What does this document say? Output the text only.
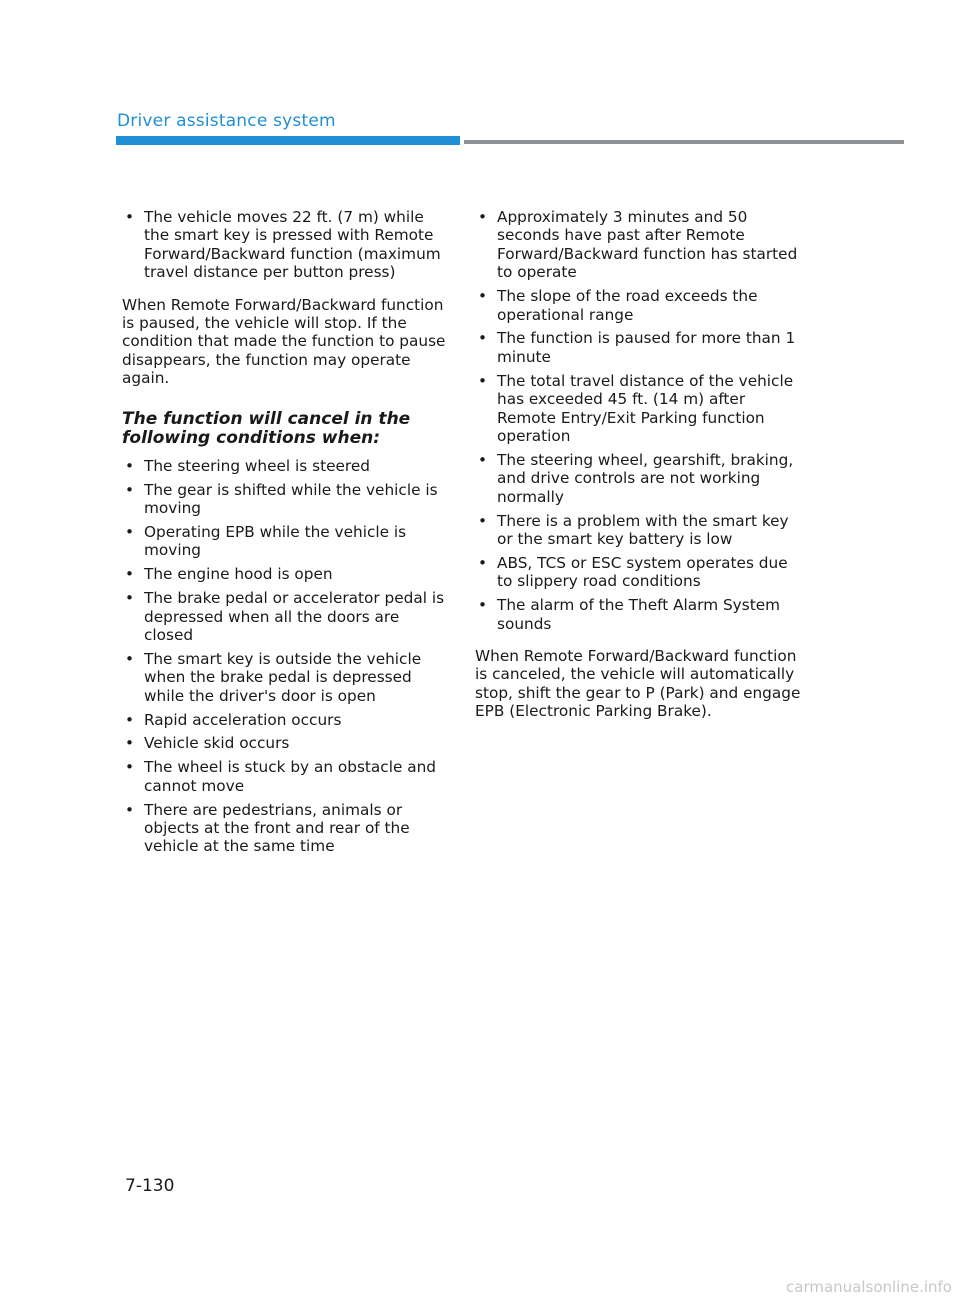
Driver assistance system
• The vehicle moves 22 ft. (7 m) while the smart key is pressed with Remote Forward/Backward function (maximum travel distance per button press)

When Remote Forward/Backward function is paused, the vehicle will stop. If the condition that made the function to pause disappears, the function may operate again.

The function will cancel in the following conditions when:
• The steering wheel is steered
• The gear is shifted while the vehicle is moving
• Operating EPB while the vehicle is moving
• The engine hood is open
• The brake pedal or accelerator pedal is depressed when all the doors are closed
• The smart key is outside the vehicle when the brake pedal is depressed while the driver's door is open
• Rapid acceleration occurs
• Vehicle skid occurs
• The wheel is stuck by an obstacle and cannot move
• There are pedestrians, animals or objects at the front and rear of the vehicle at the same time
• Approximately 3 minutes and 50 seconds have past after Remote Forward/Backward function has started to operate
• The slope of the road exceeds the operational range
• The function is paused for more than 1 minute
• The total travel distance of the vehicle has exceeded 45 ft. (14 m) after Remote Entry/Exit Parking function operation
• The steering wheel, gearshift, braking, and drive controls are not working normally
• There is a problem with the smart key or the smart key battery is low
• ABS, TCS or ESC system operates due to slippery road conditions
• The alarm of the Theft Alarm System sounds

When Remote Forward/Backward function is canceled, the vehicle will automatically stop, shift the gear to P (Park) and engage EPB (Electronic Parking Brake).

7-130
carmanualsonline.info
